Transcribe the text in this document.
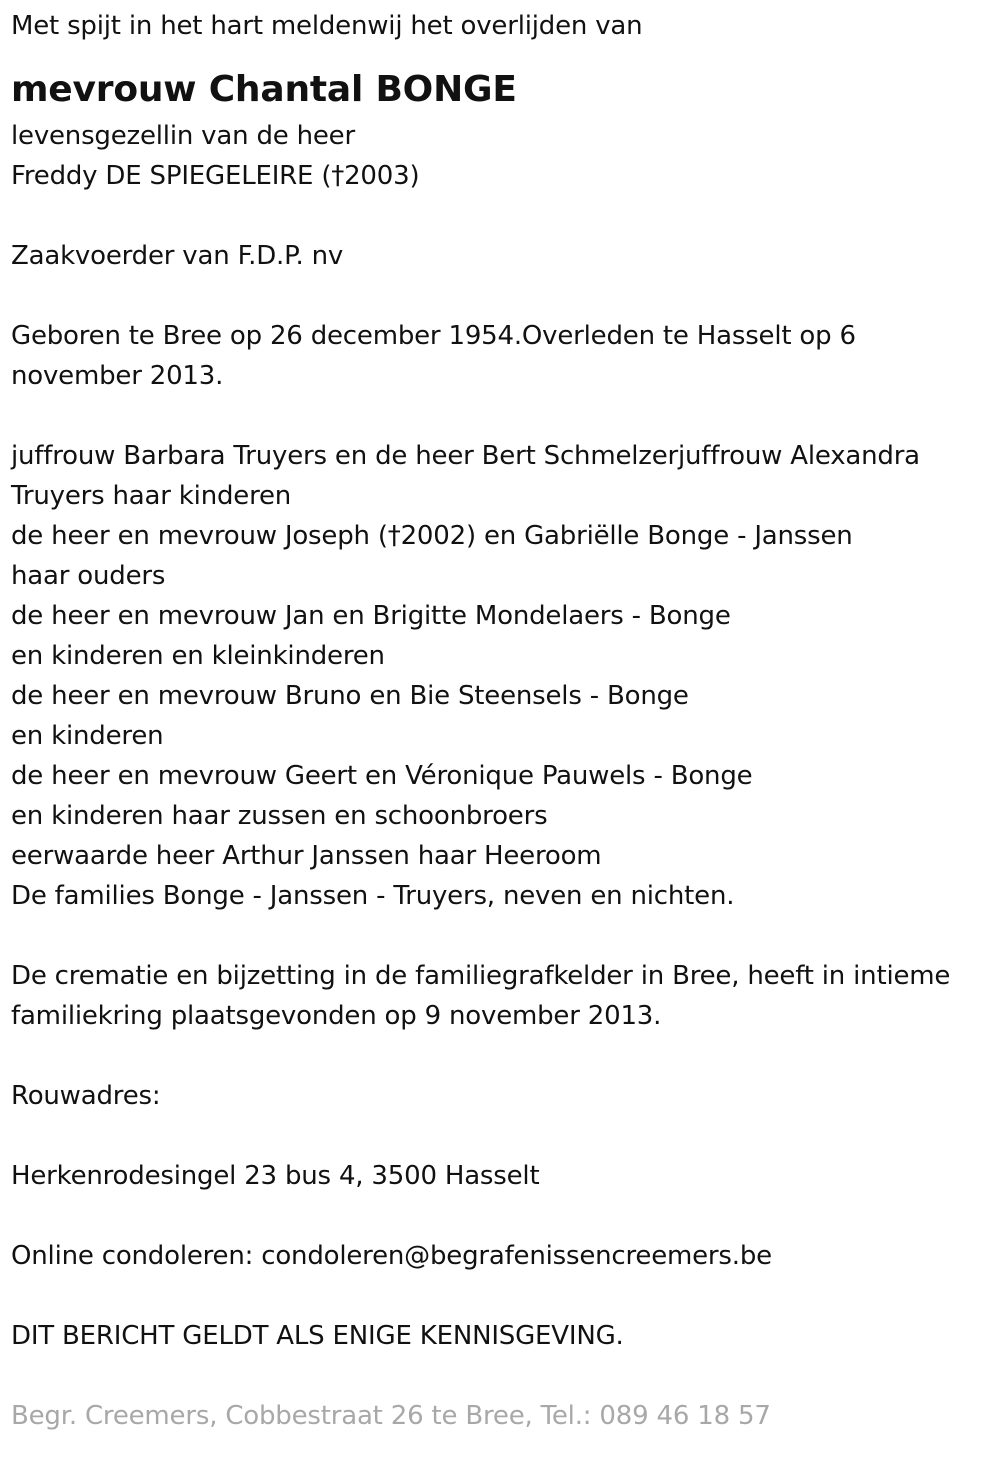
Met spijt in het hart meldenwij het overlijden van
mevrouw Chantal BONGE
levensgezellin van de heer
Freddy DE SPIEGELEIRE (†2003)
Zaakvoerder van F.D.P. nv
Geboren te Bree op 26 december 1954.Overleden te Hasselt op 6
november 2013.
juffrouw Barbara Truyers en de heer Bert Schmelzerjuffrouw Alexandra
Truyers haar kinderen
de heer en mevrouw Joseph (†2002) en Gabriëlle Bonge - Janssen
haar ouders
de heer en mevrouw Jan en Brigitte Mondelaers - Bonge
en kinderen en kleinkinderen
de heer en mevrouw Bruno en Bie Steensels - Bonge
en kinderen
de heer en mevrouw Geert en Véronique Pauwels - Bonge
en kinderen haar zussen en schoonbroers
eerwaarde heer Arthur Janssen haar Heeroom
De families Bonge - Janssen - Truyers, neven en nichten.
De crematie en bijzetting in de familiegrafkelder in Bree, heeft in intieme
familiekring plaatsgevonden op 9 november 2013.
Rouwadres:
Herkenrodesingel 23 bus 4, 3500 Hasselt
Online condoleren: condoleren@begrafenissencreemers.be
DIT BERICHT GELDT ALS ENIGE KENNISGEVING.
Begr. Creemers, Cobbestraat 26 te Bree, Tel.: 089 46 18 57
